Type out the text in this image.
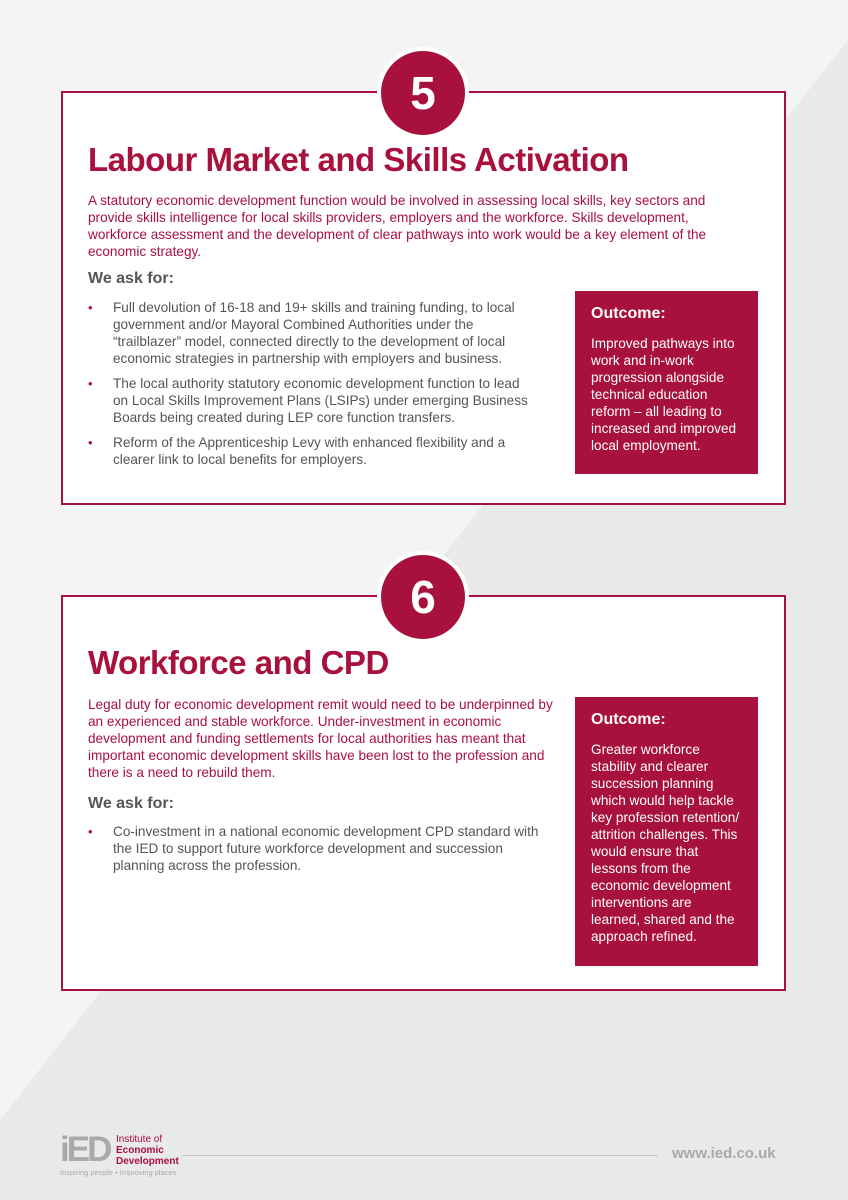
5
Labour Market and Skills Activation

A statutory economic development function would be involved in assessing local skills, key sectors and provide skills intelligence for local skills providers, employers and the workforce. Skills development, workforce assessment and the development of clear pathways into work would be a key element of the economic strategy.

We ask for:
• Full devolution of 16-18 and 19+ skills and training funding, to local government and/or Mayoral Combined Authorities under the “trailblazer” model, connected directly to the development of local economic strategies in partnership with employers and business.
• The local authority statutory economic development function to lead on Local Skills Improvement Plans (LSIPs) under emerging Business Boards being created during LEP core function transfers.
• Reform of the Apprenticeship Levy with enhanced flexibility and a clearer link to local benefits for employers.
Outcome:

Improved pathways into work and in-work progression alongside technical education reform – all leading to increased and improved local employment.

6
Workforce and CPD

Legal duty for economic development remit would need to be underpinned by an experienced and stable workforce. Under-investment in economic development and funding settlements for local authorities has meant that important economic development skills have been lost to the profession and there is a need to rebuild them.

We ask for:
• Co-investment in a national economic development CPD standard with the IED to support future workforce development and succession planning across the profession.
Outcome:

Greater workforce stability and clearer succession planning which would help tackle key profession retention/ attrition challenges. This would ensure that lessons from the economic development interventions are learned, shared and the approach refined.

iED Institute of
Economic
Development
Inspiring people • Improving places
www.ied.co.uk
